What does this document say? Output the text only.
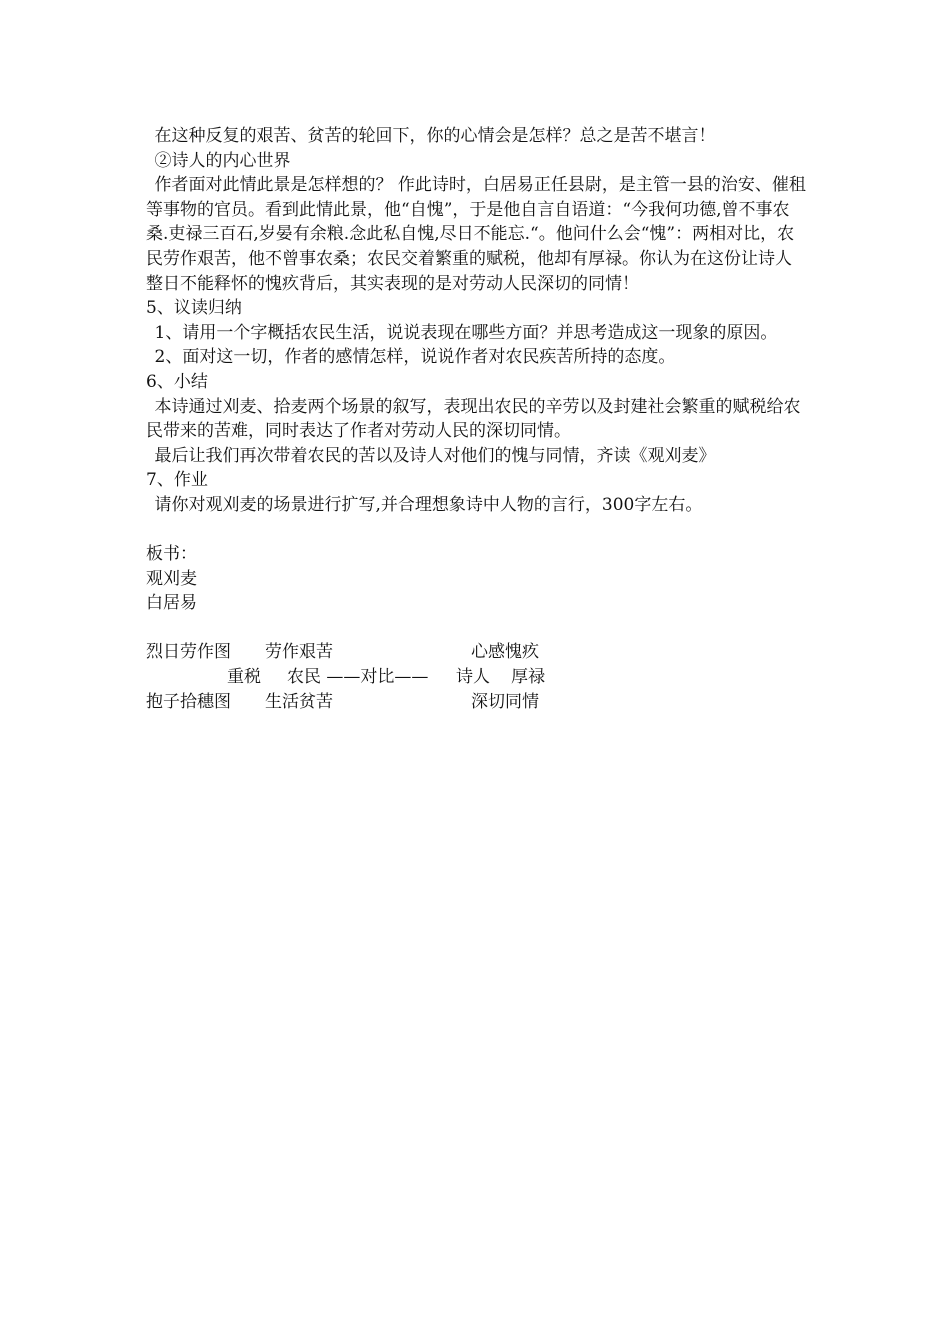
在这种反复的艰苦、贫苦的轮回下，你的心情会是怎样？总之是苦不堪言！

②诗人的内心世界

作者面对此情此景是怎样想的？ 作此诗时，白居易正任县尉，是主管一县的治安、催租等事物的官员。看到此情此景，他“自愧”，于是他自言自语道：“今我何功德,曾不事农桑.吏禄三百石,岁晏有余粮.念此私自愧,尽日不能忘.“。他问什么会“愧”：两相对比，农民劳作艰苦，他不曾事农桑；农民交着繁重的赋税，他却有厚禄。你认为在这份让诗人整日不能释怀的愧疚背后，其实表现的是对劳动人民深切的同情！

5、议读归纳

1、请用一个字概括农民生活，说说表现在哪些方面？并思考造成这一现象的原因。

2、面对这一切，作者的感情怎样，说说作者对农民疾苦所持的态度。

6、小结

本诗通过刈麦、拾麦两个场景的叙写，表现出农民的辛劳以及封建社会繁重的赋税给农民带来的苦难，同时表达了作者对劳动人民的深切同情。

最后让我们再次带着农民的苦以及诗人对他们的愧与同情，齐读《观刈麦》

7、作业

请你对观刈麦的场景进行扩写,并合理想象诗中人物的言行，300字左右。

板书：

观刈麦

白居易

烈日劳作图 劳作艰苦	心感愧疚
重税 农民 ——对比—— 诗人 厚禄
抱子拾穗图 生活贫苦	深切同情
